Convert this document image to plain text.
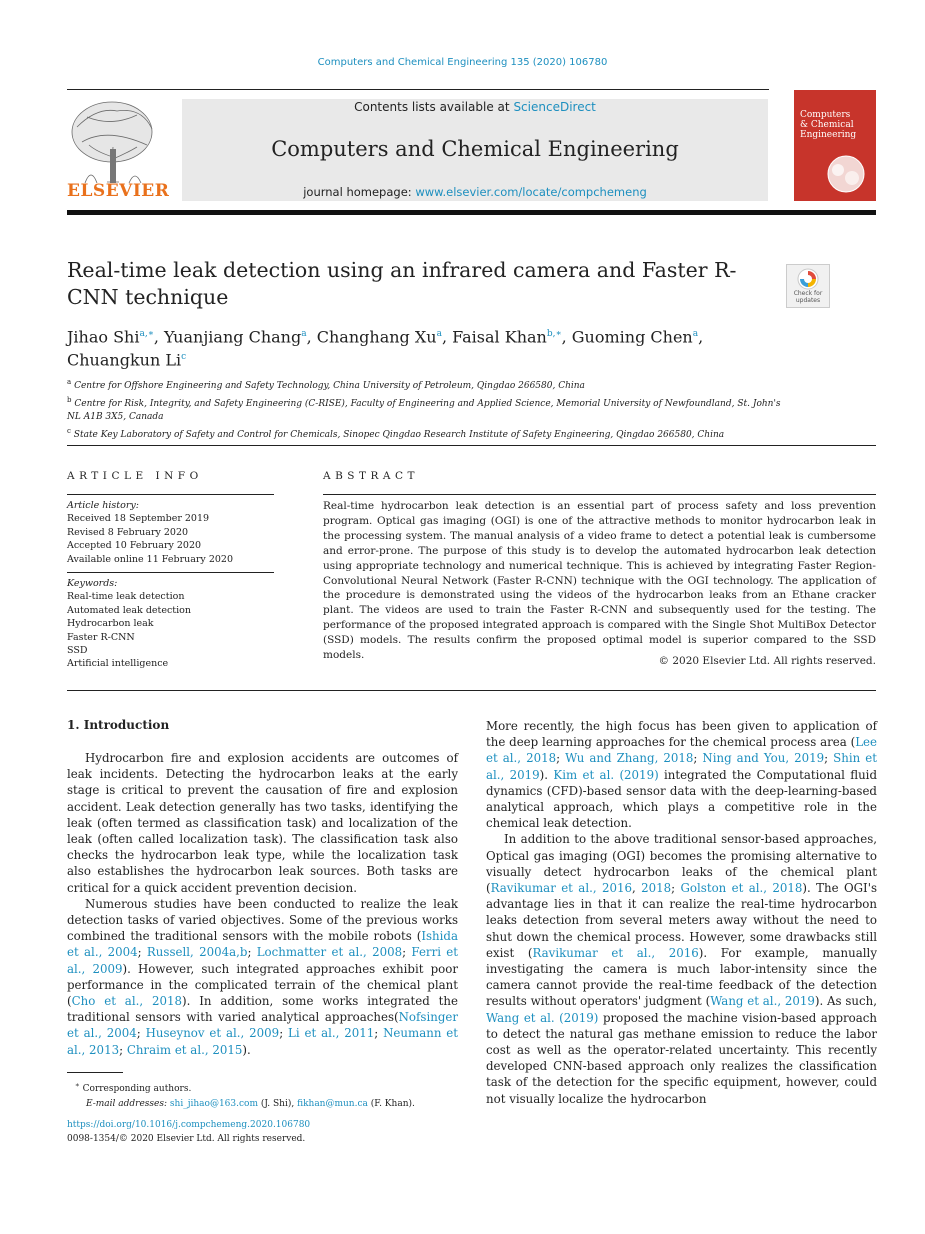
Computers and Chemical Engineering 135 (2020) 106780
ELSEVIER
Contents lists available at ScienceDirect
Computers and Chemical Engineering
journal homepage: www.elsevier.com/locate/compchemeng
Computers & Chemical Engineering
Real-time leak detection using an infrared camera and Faster R-CNN technique	Check for updates
Jihao Shi$^{a,∗}$, Yuanjiang Chang$^a$, Changhang Xu$^a$, Faisal Khan$^{b,∗}$, Guoming Chen$^a$,
Chuangkun Li$^c$
$^a$ Centre for Offshore Engineering and Safety Technology, China University of Petroleum, Qingdao 266580, China
$^b$ Centre for Risk, Integrity, and Safety Engineering (C-RISE), Faculty of Engineering and Applied Science, Memorial University of Newfoundland, St. John's NL A1B 3X5, Canada
$^c$ State Key Laboratory of Safety and Control for Chemicals, Sinopec Qingdao Research Institute of Safety Engineering, Qingdao 266580, China
ARTICLE INFO	ABSTRACT
Article history:
Received 18 September 2019
Revised 8 February 2020
Accepted 10 February 2020
Available online 11 February 2020
Keywords:
Real-time leak detection
Automated leak detection
Hydrocarbon leak
Faster R-CNN
SSD
Artificial intelligence
Real-time hydrocarbon leak detection is an essential part of process safety and loss prevention program. Optical gas imaging (OGI) is one of the attractive methods to monitor hydrocarbon leak in the processing system. The manual analysis of a video frame to detect a potential leak is cumbersome and error-prone. The purpose of this study is to develop the automated hydrocarbon leak detection using appropriate technology and numerical technique. This is achieved by integrating Faster Region-Convolutional Neural Network (Faster R-CNN) technique with the OGI technology. The application of the procedure is demonstrated using the videos of the hydrocarbon leaks from an Ethane cracker plant. The videos are used to train the Faster R-CNN and subsequently used for the testing. The performance of the proposed integrated approach is compared with the Single Shot MultiBox Detector (SSD) models. The results confirm the proposed optimal model is superior compared to the SSD models.	© 2020 Elsevier Ltd. All rights reserved.
1. Introduction

Hydrocarbon fire and explosion accidents are outcomes of leak incidents. Detecting the hydrocarbon leaks at the early stage is critical to prevent the causation of fire and explosion accident. Leak detection generally has two tasks, identifying the leak (often termed as classification task) and localization of the leak (often called localization task). The classification task also checks the hydrocarbon leak type, while the localization task also establishes the hydrocarbon leak sources. Both tasks are critical for a quick accident prevention decision.

Numerous studies have been conducted to realize the leak detection tasks of varied objectives. Some of the previous works combined the traditional sensors with the mobile robots (Ishida et al., 2004; Russell, 2004a,b; Lochmatter et al., 2008; Ferri et al., 2009). However, such integrated approaches exhibit poor performance in the complicated terrain of the chemical plant (Cho et al., 2018). In addition, some works integrated the traditional sensors with varied analytical approaches(Nofsinger et al., 2004; Huseynov et al., 2009; Li et al., 2011; Neumann et al., 2013; Chraim et al., 2015).

More recently, the high focus has been given to application of the deep learning approaches for the chemical process area (Lee et al., 2018; Wu and Zhang, 2018; Ning and You, 2019; Shin et al., 2019). Kim et al. (2019) integrated the Computational fluid dynamics (CFD)-based sensor data with the deep-learning-based analytical approach, which plays a competitive role in the chemical leak detection.

In addition to the above traditional sensor-based approaches, Optical gas imaging (OGI) becomes the promising alternative to visually detect hydrocarbon leaks of the chemical plant (Ravikumar et al., 2016, 2018; Golston et al., 2018). The OGI's advantage lies in that it can realize the real-time hydrocarbon leaks detection from several meters away without the need to shut down the chemical process. However, some drawbacks still exist (Ravikumar et al., 2016). For example, manually investigating the camera is much labor-intensity since the camera cannot provide the real-time feedback of the detection results without operators' judgment (Wang et al., 2019). As such, Wang et al. (2019) proposed the machine vision-based approach to detect the natural gas methane emission to reduce the labor cost as well as the operator-related uncertainty. This recently developed CNN-based approach only realizes the classification task of the detection for the specific equipment, however, could not visually localize the hydrocarbon

∗ Corresponding authors.
E-mail addresses: shi_jihao@163.com (J. Shi), fikhan@mun.ca (F. Khan).
https://doi.org/10.1016/j.compchemeng.2020.106780
0098-1354/© 2020 Elsevier Ltd. All rights reserved.
